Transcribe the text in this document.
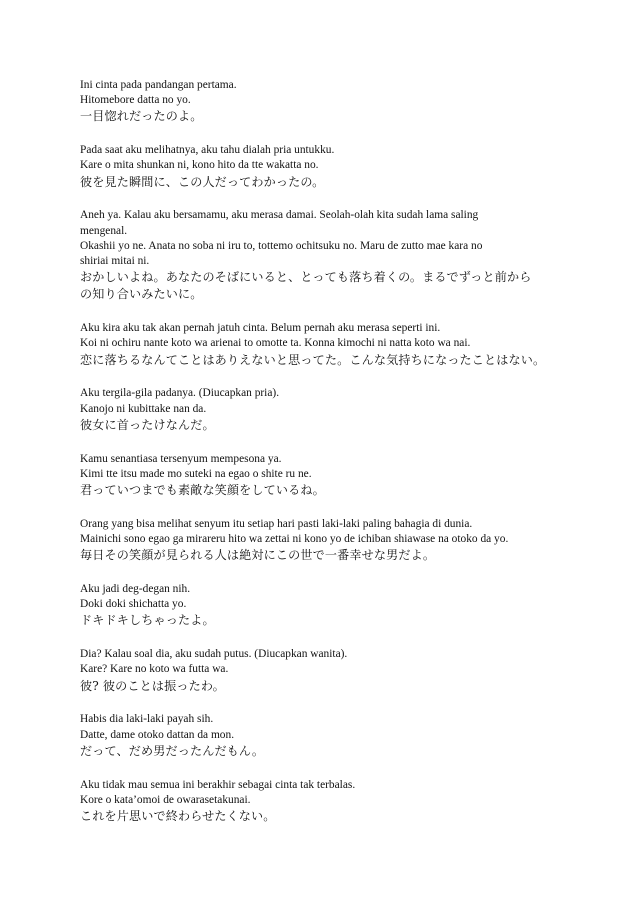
Ini cinta pada pandangan pertama.
Hitomebore datta no yo.
一目惚れだったのよ。
Pada saat aku melihatnya, aku tahu dialah pria untukku.
Kare o mita shunkan ni, kono hito da tte wakatta no.
彼を見た瞬間に、この人だってわかったの。
Aneh ya. Kalau aku bersamamu, aku merasa damai. Seolah-olah kita sudah lama saling
mengenal.
Okashii yo ne. Anata no soba ni iru to, tottemo ochitsuku no. Maru de zutto mae kara no
shiriai mitai ni.
おかしいよね。あなたのそばにいると、とっても落ち着くの。まるでずっと前から
の知り合いみたいに。
Aku kira aku tak akan pernah jatuh cinta. Belum pernah aku merasa seperti ini.
Koi ni ochiru nante koto wa arienai to omotte ta. Konna kimochi ni natta koto wa nai.
恋に落ちるなんてことはありえないと思ってた。こんな気持ちになったことはない。
Aku tergila-gila padanya. (Diucapkan pria).
Kanojo ni kubittake nan da.
彼女に首ったけなんだ。
Kamu senantiasa tersenyum mempesona ya.
Kimi tte itsu made mo suteki na egao o shite ru ne.
君っていつまでも素敵な笑顔をしているね。
Orang yang bisa melihat senyum itu setiap hari pasti laki-laki paling bahagia di dunia.
Mainichi sono egao ga mirareru hito wa zettai ni kono yo de ichiban shiawase na otoko da yo.
毎日その笑顔が見られる人は絶対にこの世で一番幸せな男だよ。
Aku jadi deg-degan nih.
Doki doki shichatta yo.
ドキドキしちゃったよ。
Dia? Kalau soal dia, aku sudah putus. (Diucapkan wanita).
Kare? Kare no koto wa futta wa.
彼? 彼のことは振ったわ。
Habis dia laki-laki payah sih.
Datte, dame otoko dattan da mon.
だって、だめ男だったんだもん。
Aku tidak mau semua ini berakhir sebagai cinta tak terbalas.
Kore o kata’omoi de owarasetakunai.
これを片思いで終わらせたくない。
